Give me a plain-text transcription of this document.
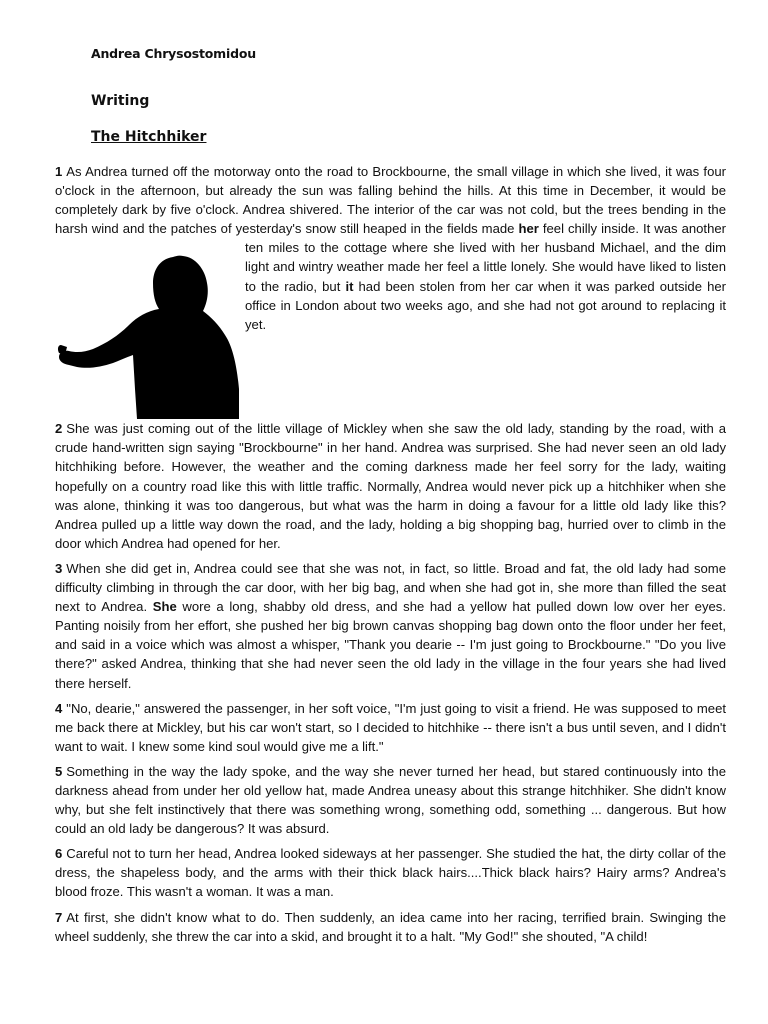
Andrea Chrysostomidou
Writing
The Hitchhiker

1 As Andrea turned off the motorway onto the road to Brockbourne, the small village in which she lived, it was four o'clock in the afternoon, but already the sun was falling behind the hills. At this time in December, it would be completely dark by five o'clock. Andrea shivered. The interior of the car was not cold, but the trees bending in the harsh wind and the patches of yesterday's snow still heaped in the fields made
her feel chilly inside. It was another ten miles to the cottage where she lived with her husband Michael, and the dim light and wintry weather made her feel a little lonely. She would have liked to listen to the radio, but it had been stolen from her car when it was parked outside her office in London about two weeks ago, and she had not got around to replacing it yet.

2 She was just coming out of the little village of Mickley when she saw the old lady, standing by the road, with a crude hand-written sign saying "Brockbourne" in her hand. Andrea was surprised. She had never seen an old lady hitchhiking before. However, the weather and the coming darkness made her feel sorry for the lady, waiting hopefully on a country road like this with little traffic. Normally, Andrea would never pick up a hitchhiker when she was alone, thinking it was too dangerous, but what was the harm in doing a favour for a little old lady like this? Andrea pulled up a little way down the road, and the lady, holding a big shopping bag, hurried over to climb in the door which Andrea had opened for her.

3 When she did get in, Andrea could see that she was not, in fact, so little. Broad and fat, the old lady had some difficulty climbing in through the car door, with her big bag, and when she had got in, she more than filled the seat next to Andrea. She wore a long, shabby old dress, and she had a yellow hat pulled down low over her eyes. Panting noisily from her effort, she pushed her big brown canvas shopping bag down onto the floor under her feet, and said in a voice which was almost a whisper, "Thank you dearie -- I'm just going to Brockbourne." "Do you live there?" asked Andrea, thinking that she had never seen the old lady in the village in the four years she had lived there herself.

4 "No, dearie," answered the passenger, in her soft voice, "I'm just going to visit a friend. He was supposed to meet me back there at Mickley, but his car won't start, so I decided to hitchhike -- there isn't a bus until seven, and I didn't want to wait. I knew some kind soul would give me a lift."

5 Something in the way the lady spoke, and the way she never turned her head, but stared continuously into the darkness ahead from under her old yellow hat, made Andrea uneasy about this strange hitchhiker. She didn't know why, but she felt instinctively that there was something wrong, something odd, something ... dangerous. But how could an old lady be dangerous? It was absurd.

6 Careful not to turn her head, Andrea looked sideways at her passenger. She studied the hat, the dirty collar of the dress, the shapeless body, and the arms with their thick black hairs....Thick black hairs? Hairy arms? Andrea's blood froze. This wasn't a woman. It was a man.

7 At first, she didn't know what to do. Then suddenly, an idea came into her racing, terrified brain. Swinging the wheel suddenly, she threw the car into a skid, and brought it to a halt. "My God!" she shouted, "A child!
